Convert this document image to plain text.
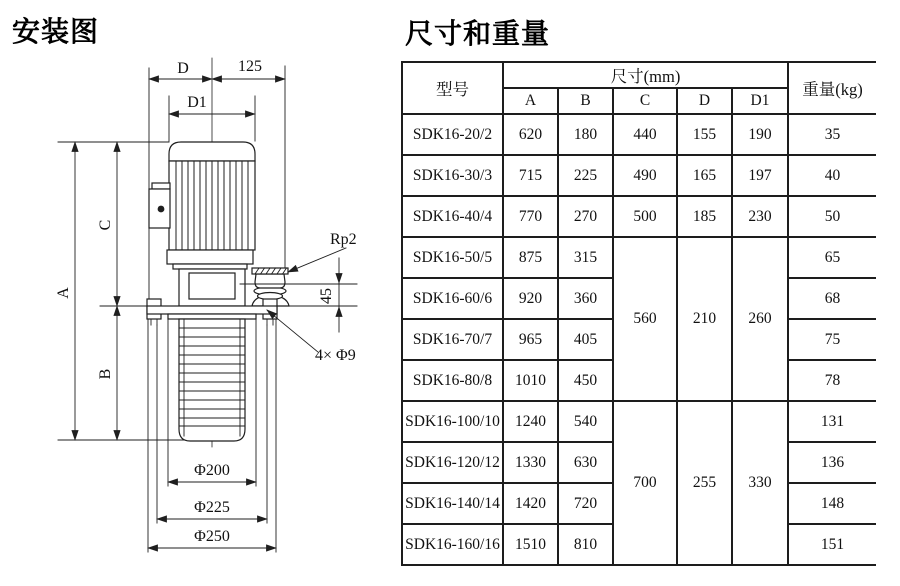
安装图	尺寸和重量
D	125
D1
A
C
B
45
Rp2
4× Φ9
Φ200
Φ225
Φ250
型号	尺寸(mm)					重量(kg)
	A	B	C	D	D1	
SDK16-20/2	620	180	440	155	190	35
SDK16-30/3	715	225	490	165	197	40
SDK16-40/4	770	270	500	185	230	50
SDK16-50/5	875	315	560	210	260	65
SDK16-60/6	920	360				68
SDK16-70/7	965	405				75
SDK16-80/8	1010	450				78
SDK16-100/10	1240	540	700	255	330	131
SDK16-120/12	1330	630				136
SDK16-140/14	1420	720				148
SDK16-160/16	1510	810				151
